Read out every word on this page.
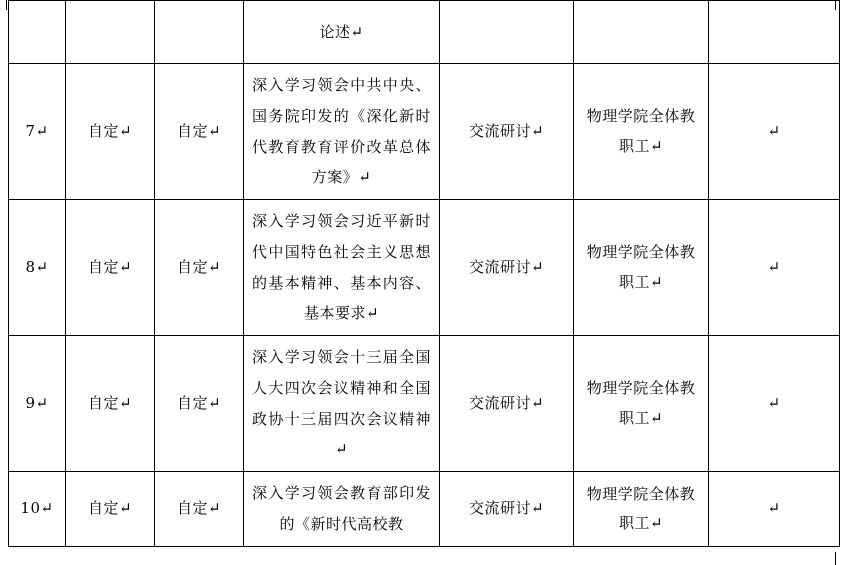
			论述↵			

7↵	自定↵	自定↵	深入学习领会中共中央、国务院印发的《深化新时代教育教育评价改革总体方案》↵	交流研讨↵	物理学院全体教职工↵	↵

8↵	自定↵	自定↵	深入学习领会习近平新时代中国特色社会主义思想的基本精神、基本内容、基本要求↵	交流研讨↵	物理学院全体教职工↵	↵

9↵	自定↵	自定↵	深入学习领会十三届全国人大四次会议精神和全国政协十三届四次会议精神↵	交流研讨↵	物理学院全体教职工↵	↵

10↵	自定↵	自定↵	深入学习领会教育部印发的《新时代高校教	交流研讨↵	物理学院全体教职工↵	↵
